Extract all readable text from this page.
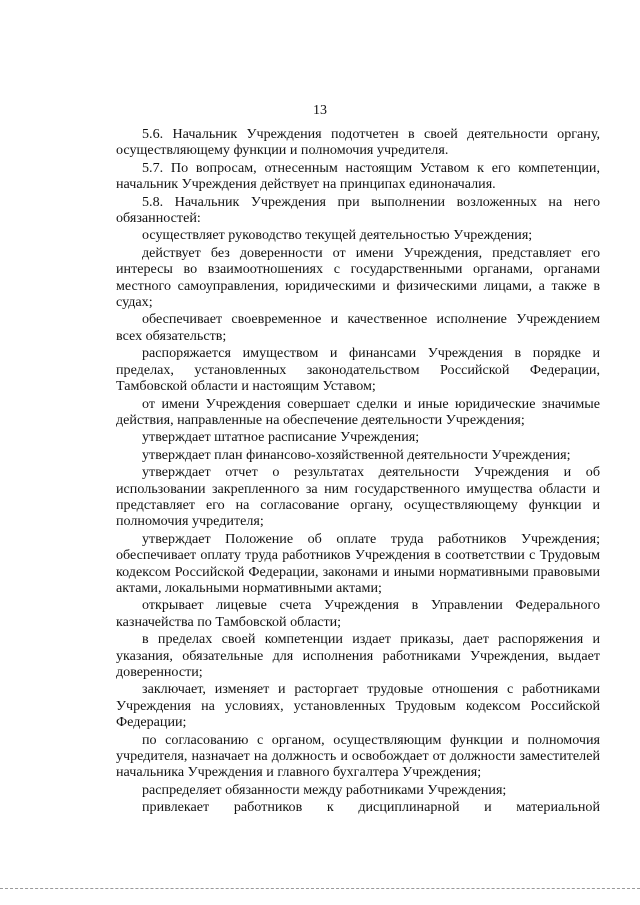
13

5.6. Начальник Учреждения подотчетен в своей деятельности органу, осуществляющему функции и полномочия учредителя.

5.7. По вопросам, отнесенным настоящим Уставом к его компетенции, начальник Учреждения действует на принципах единоначалия.

5.8. Начальник Учреждения при выполнении возложенных на него обязанностей:

осуществляет руководство текущей деятельностью Учреждения;

действует без доверенности от имени Учреждения, представляет его интересы во взаимоотношениях с государственными органами, органами местного самоуправления, юридическими и физическими лицами, а также в судах;

обеспечивает своевременное и качественное исполнение Учреждением всех обязательств;

распоряжается имуществом и финансами Учреждения в порядке и пределах, установленных законодательством Российской Федерации, Тамбовской области и настоящим Уставом;

от имени Учреждения совершает сделки и иные юридические значимые действия, направленные на обеспечение деятельности Учреждения;

утверждает штатное расписание Учреждения;

утверждает план финансово-хозяйственной деятельности Учреждения;

утверждает отчет о результатах деятельности Учреждения и об использовании закрепленного за ним государственного имущества области и представляет его на согласование органу, осуществляющему функции и полномочия учредителя;

утверждает Положение об оплате труда работников Учреждения; обеспечивает оплату труда работников Учреждения в соответствии с Трудовым кодексом Российской Федерации, законами и иными нормативными правовыми актами, локальными нормативными актами;

открывает лицевые счета Учреждения в Управлении Федерального казначейства по Тамбовской области;

в пределах своей компетенции издает приказы, дает распоряжения и указания, обязательные для исполнения работниками Учреждения, выдает доверенности;

заключает, изменяет и расторгает трудовые отношения с работниками Учреждения на условиях, установленных Трудовым кодексом Российской Федерации;

по согласованию с органом, осуществляющим функции и полномочия учредителя, назначает на должность и освобождает от должности заместителей начальника Учреждения и главного бухгалтера Учреждения;

распределяет обязанности между работниками Учреждения;

привлекает работников к дисциплинарной и материальной
